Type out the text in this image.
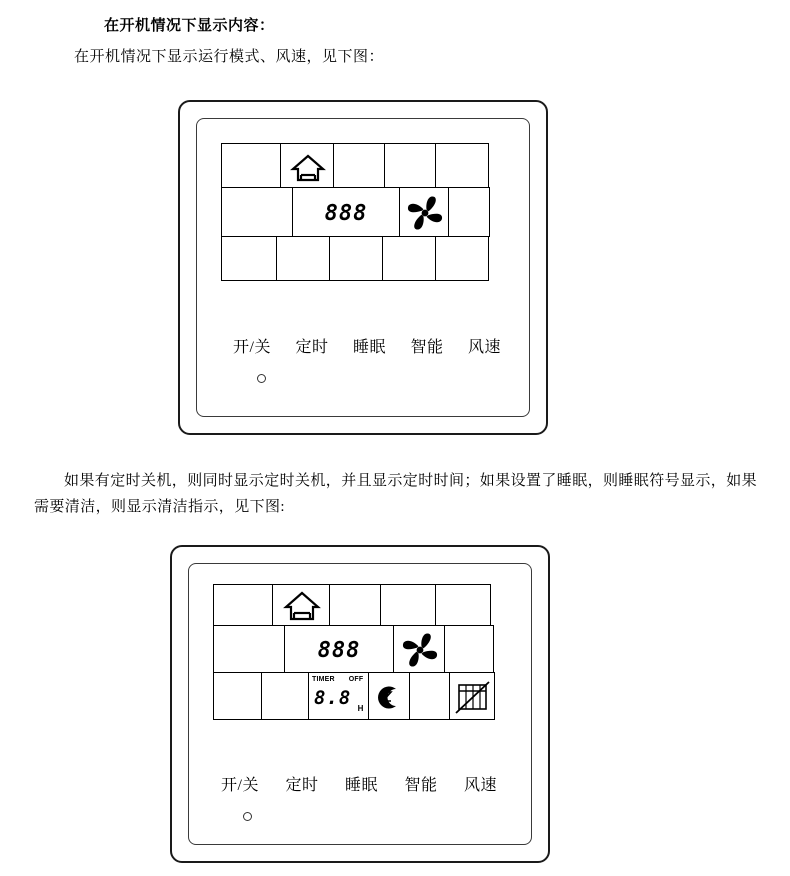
在开机情况下显示内容：
在开机情况下显示运行模式、风速，见下图：
888
开/关 定时 睡眠 智能 风速
如果有定时关机，则同时显示定时关机，并且显示定时时间；如果设置了睡眠，则睡眠符号显示，如果需要清洁，则显示清洁指示，见下图:
888
TIMER OFF
8.8 H
开/关 定时 睡眠 智能 风速
